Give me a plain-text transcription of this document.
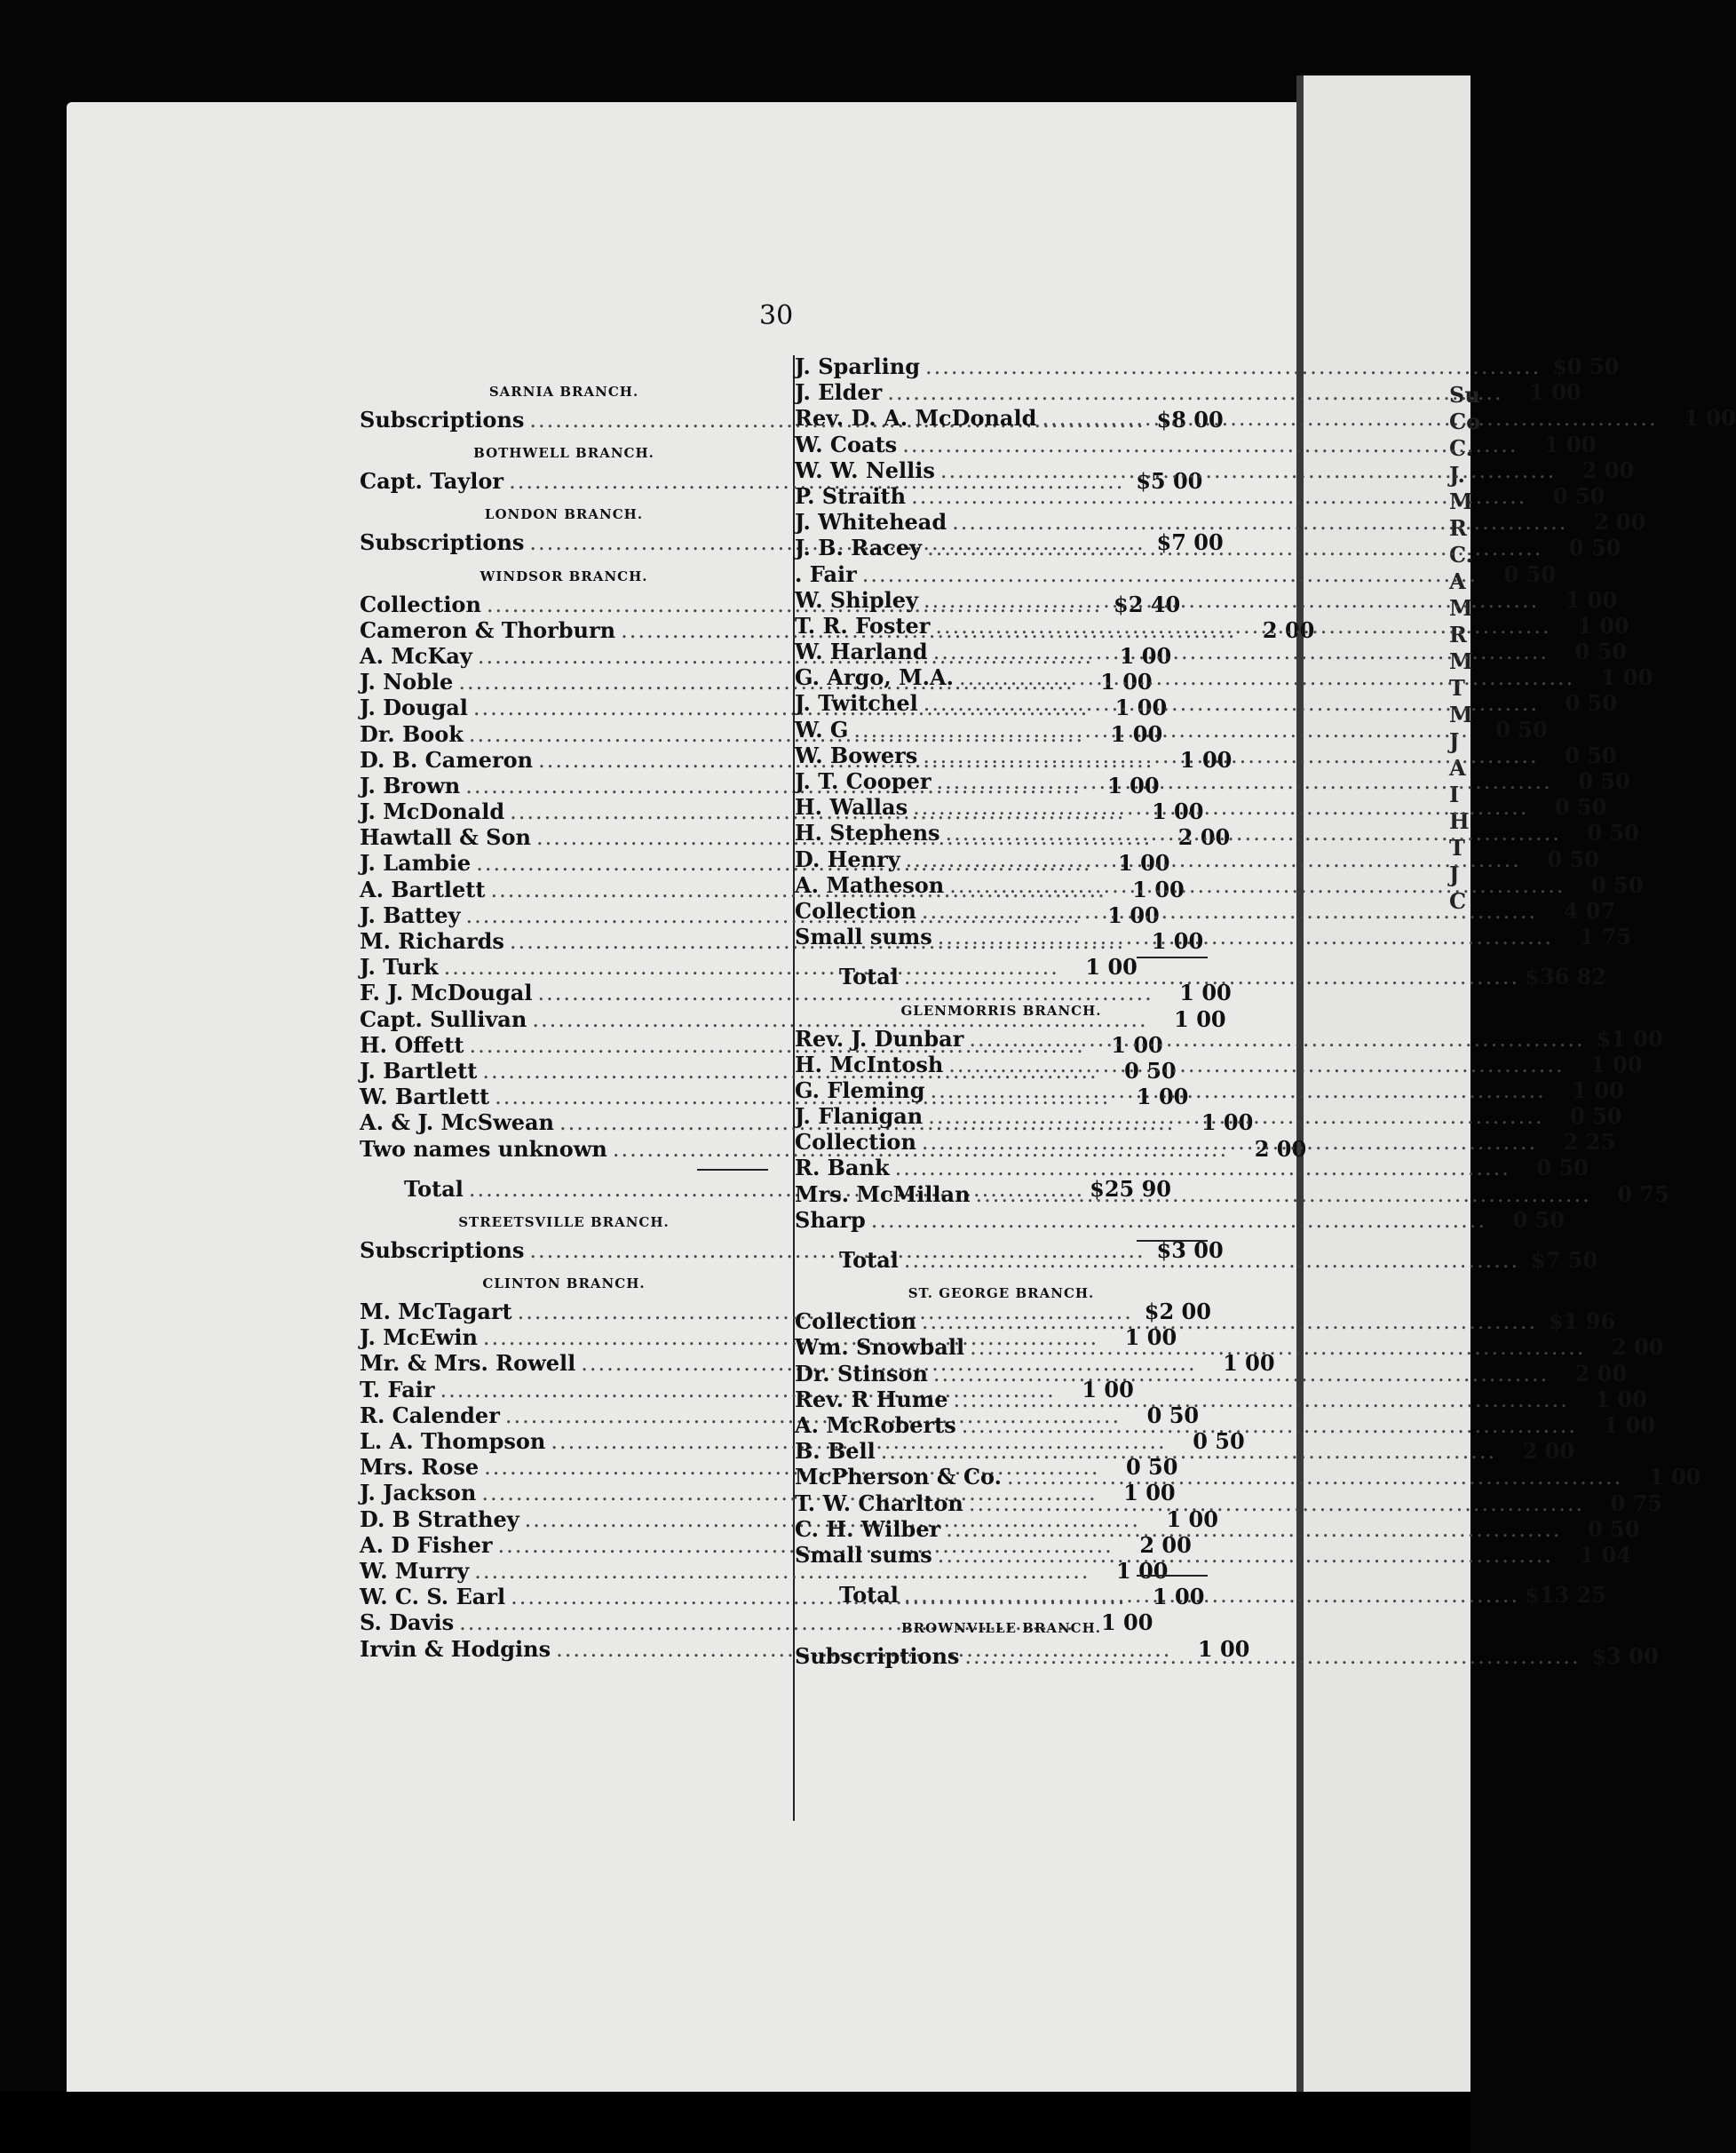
Su
Co
C.
J.
M
R
C.
A
M
R
M
T
M
J
A
I
H
T
J
C
30
SARNIA BRANCH.
Subscriptions .....	$8 00
BOTHWELL BRANCH.
Capt. Taylor .....	$5 00
LONDON BRANCH.
Subscriptions .....	$7 00
WINDSOR BRANCH.
Collection .....	$2 40
Cameron & Thorburn .....	2 00
A. McKay .....	1 00
J. Noble .....	1 00
J. Dougal .....	1 00
Dr. Book .....	1 00
D. B. Cameron .....	1 00
J. Brown .....	1 00
J. McDonald .....	1 00
Hawtall & Son .....	2 00
J. Lambie .....	1 00
A. Bartlett .....	1 00
J. Battey .....	1 00
M. Richards .....	1 00
J. Turk .....	1 00
F. J. McDougal .....	1 00
Capt. Sullivan .....	1 00
H. Offett .....	1 00
J. Bartlett .....	0 50
W. Bartlett .....	1 00
A. & J. McSwean .....	1 00
Two names unknown .....	2 00
Total .....	$25 90
STREETSVILLE BRANCH.
Subscriptions .....	$3 00
CLINTON BRANCH.
M. McTagart .....	$2 00
J. McEwin .....	1 00
Mr. & Mrs. Rowell .....	1 00
T. Fair .....	1 00
R. Calender .....	0 50
L. A. Thompson .....	0 50
Mrs. Rose .....	0 50
J. Jackson .....	1 00
D. B Strathey .....	1 00
A. D Fisher .....	2 00
W. Murry .....	1 00
W. C. S. Earl .....	1 00
S. Davis .....	1 00
Irvin & Hodgins .....	1 00
J. Sparling .....	$0 50
J. Elder .....	1 00
Rev. D. A. McDonald .....	1 00
W. Coats .....	1 00
W. W. Nellis .....	2 00
P. Straith .....	0 50
J. Whitehead .....	2 00
J. B. Racey .....	0 50
. Fair .....	0 50
W. Shipley .....	1 00
T. R. Foster .....	1 00
W. Harland .....	0 50
G. Argo, M.A. .....	1 00
J. Twitchel .....	0 50
W. G .....	0 50
W. Bowers .....	0 50
J. T. Cooper .....	0 50
H. Wallas .....	0 50
H. Stephens .....	0 50
D. Henry .....	0 50
A. Matheson .....	0 50
Collection .....	4 07
Small sums .....	1 75
Total .....	$36 82
GLENMORRIS BRANCH.
Rev. J. Dunbar .....	$1 00
H. McIntosh .....	1 00
G. Fleming .....	1 00
J. Flanigan .....	0 50
Collection .....	2 25
R. Bank .....	0 50
Mrs. McMillan .....	0 75
Sharp .....	0 50
Total .....	$7 50
ST. GEORGE BRANCH.
Collection .....	$1 96
Wm. Snowball .....	2 00
Dr. Stinson .....	2 00
Rev. R Hume .....	1 00
A. McRoberts .....	1 00
B. Bell .....	2 00
McPherson & Co. .....	1 00
T. W. Charlton .....	0 75
C. H. Wilber .....	0 50
Small sums .....	1 04
Total .....	$13 25
BROWNVILLE BRANCH.
Subscriptions .....	$3 00
